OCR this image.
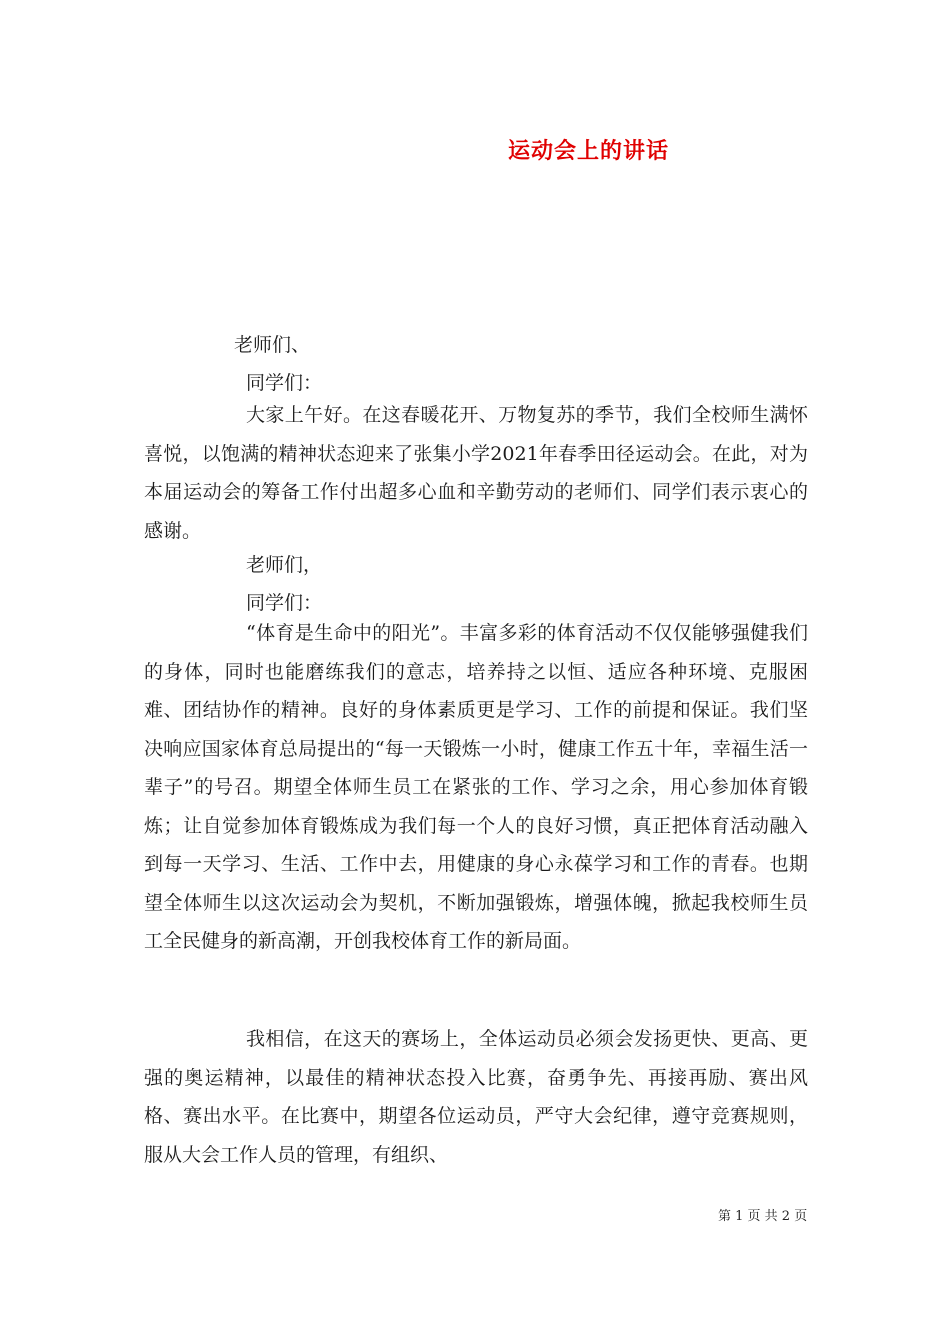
运动会上的讲话
老师们、
同学们：

大家上午好。在这春暖花开、万物复苏的季节，我们全校师生满怀喜悦，以饱满的精神状态迎来了张集小学2021年春季田径运动会。在此，对为本届运动会的筹备工作付出超多心血和辛勤劳动的老师们、同学们表示衷心的感谢。

老师们，
同学们：

“体育是生命中的阳光”。丰富多彩的体育活动不仅仅能够强健我们的身体，同时也能磨练我们的意志，培养持之以恒、适应各种环境、克服困难、团结协作的精神。良好的身体素质更是学习、工作的前提和保证。我们坚决响应国家体育总局提出的“每一天锻炼一小时，健康工作五十年，幸福生活一辈子”的号召。期望全体师生员工在紧张的工作、学习之余，用心参加体育锻炼；让自觉参加体育锻炼成为我们每一个人的良好习惯，真正把体育活动融入到每一天学习、生活、工作中去，用健康的身心永葆学习和工作的青春。也期望全体师生以这次运动会为契机，不断加强锻炼，增强体魄，掀起我校师生员工全民健身的新高潮，开创我校体育工作的新局面。

我相信，在这天的赛场上，全体运动员必须会发扬更快、更高、更强的奥运精神，以最佳的精神状态投入比赛，奋勇争先、再接再励、赛出风格、赛出水平。在比赛中，期望各位运动员，严守大会纪律，遵守竞赛规则，服从大会工作人员的管理，有组织、

第 1 页 共 2 页
